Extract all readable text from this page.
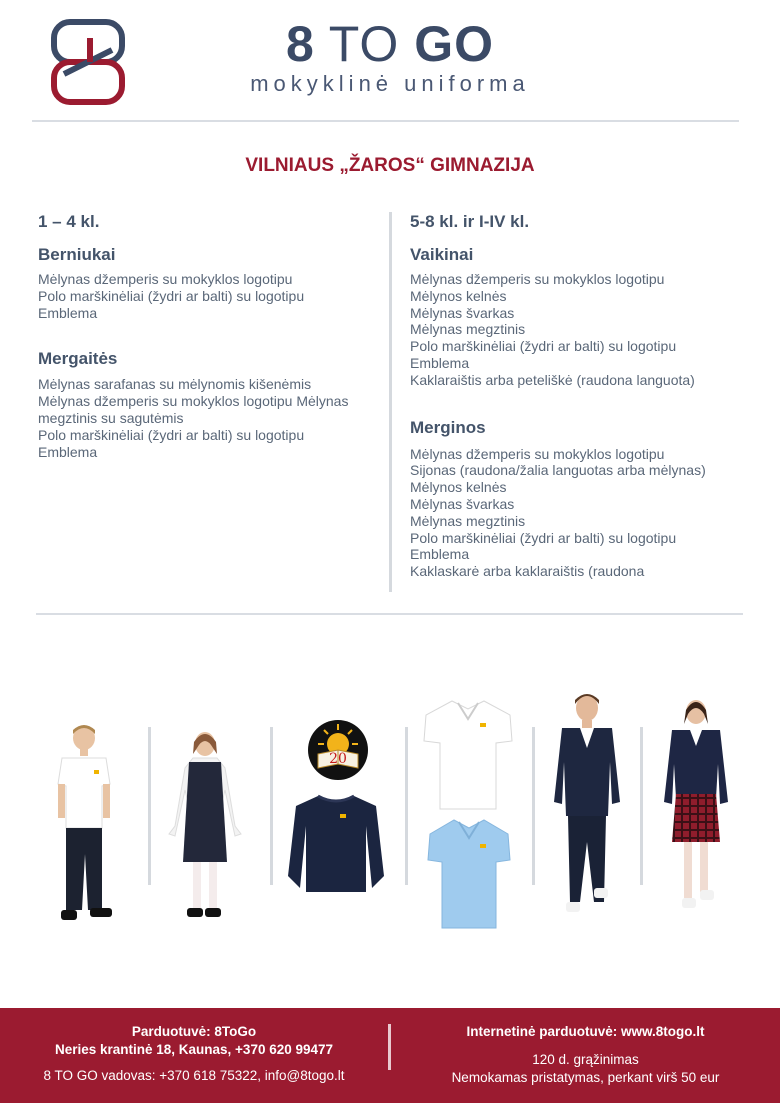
8 TO GO
mokyklinė uniforma
VILNIAUS „ŽAROS“ GIMNAZIJA
1 – 4 kl.
Berniukai
Mėlynas džemperis su mokyklos logotipu
Polo marškinėliai (žydri ar balti) su logotipu
Emblema
Mergaitės
Mėlynas sarafanas su mėlynomis kišenėmis
Mėlynas džemperis su mokyklos logotipu Mėlynas
megztinis su sagutėmis
Polo marškinėliai (žydri ar balti) su logotipu
Emblema
5-8 kl. ir I-IV kl.
Vaikinai
Mėlynas džemperis su mokyklos logotipu
Mėlynos kelnės
Mėlynas švarkas
Mėlynas megztinis
Polo marškinėliai (žydri ar balti) su logotipu
Emblema
Kaklaraištis arba peteliškė (raudona languota)
Merginos
Mėlynas džemperis su mokyklos logotipu
Sijonas (raudona/žalia languotas arba mėlynas)
Mėlynos kelnės
Mėlynas švarkas
Mėlynas megztinis
Polo marškinėliai (žydri ar balti) su logotipu
Emblema
Kaklaskarė arba kaklaraištis (raudona
20
Parduotuvė: 8ToGo
Neries krantinė 18, Kaunas, +370 620 99477
8 TO GO vadovas: +370 618 75322, info@8togo.lt
Internetinė parduotuvė: www.8togo.lt
120 d. grąžinimas
Nemokamas pristatymas, perkant virš 50 eur
